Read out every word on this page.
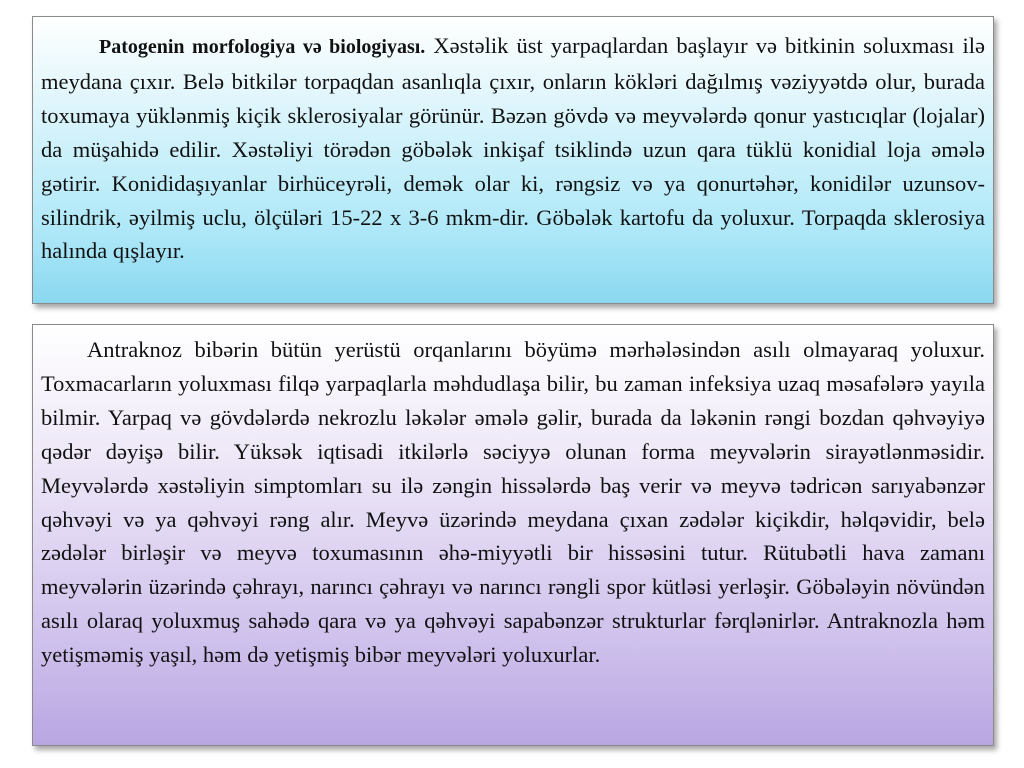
Patogenin morfologiya və biologiyası. Xəstəlik üst yarpaqlardan başlayır və bitkinin soluxması ilə meydana çıxır. Belə bitkilər torpaqdan asanlıqla çıxır, onların kökləri dağılmış vəziyyətdə olur, burada toxumaya yüklənmiş kiçik sklerosiyalar görünür. Bəzən gövdə və meyvələrdə qonur yastıcıqlar (lojalar) da müşahidə edilir. Xəstəliyi törədən göbələk inkişaf tsiklində uzun qara tüklü konidial loja əmələ gətirir. Konididaşıyanlar birhüceyrəli, demək olar ki, rəngsiz və ya qonurtəhər, konidilər uzunsov-silindrik, əyilmiş uclu, ölçüləri 15-22 x 3-6 mkm-dir. Göbələk kartofu da yoluxur. Torpaqda sklerosiya halında qışlayır.

Antraknoz bibərin bütün yerüstü orqanlarını böyümə mərhələsindən asılı olmayaraq yoluxur. Toxmacarların yoluxması filqə yarpaqlarla məhdudlaşa bilir, bu zaman infeksiya uzaq məsafələrə yayıla bilmir. Yarpaq və gövdələrdə nekrozlu ləkələr əmələ gəlir, burada da ləkənin rəngi bozdan qəhvəyiyə qədər dəyişə bilir. Yüksək iqtisadi itkilərlə səciyyə olunan forma meyvələrin sirayətlənməsidir. Meyvələrdə xəstəliyin simptomları su ilə zəngin hissələrdə baş verir və meyvə tədricən sarıyabənzər qəhvəyi və ya qəhvəyi rəng alır. Meyvə üzərində meydana çıxan zədələr kiçikdir, həlqəvidir, belə zədələr birləşir və meyvə toxumasının əhə-miyyətli bir hissəsini tutur. Rütubətli hava zamanı meyvələrin üzərində çəhrayı, narıncı çəhrayı və narıncı rəngli spor kütləsi yerləşir. Göbələyin növündən asılı olaraq yoluxmuş sahədə qara və ya qəhvəyi sapabənzər strukturlar fərqlənirlər. Antraknozla həm yetişməmiş yaşıl, həm də yetişmiş bibər meyvələri yoluxurlar.
